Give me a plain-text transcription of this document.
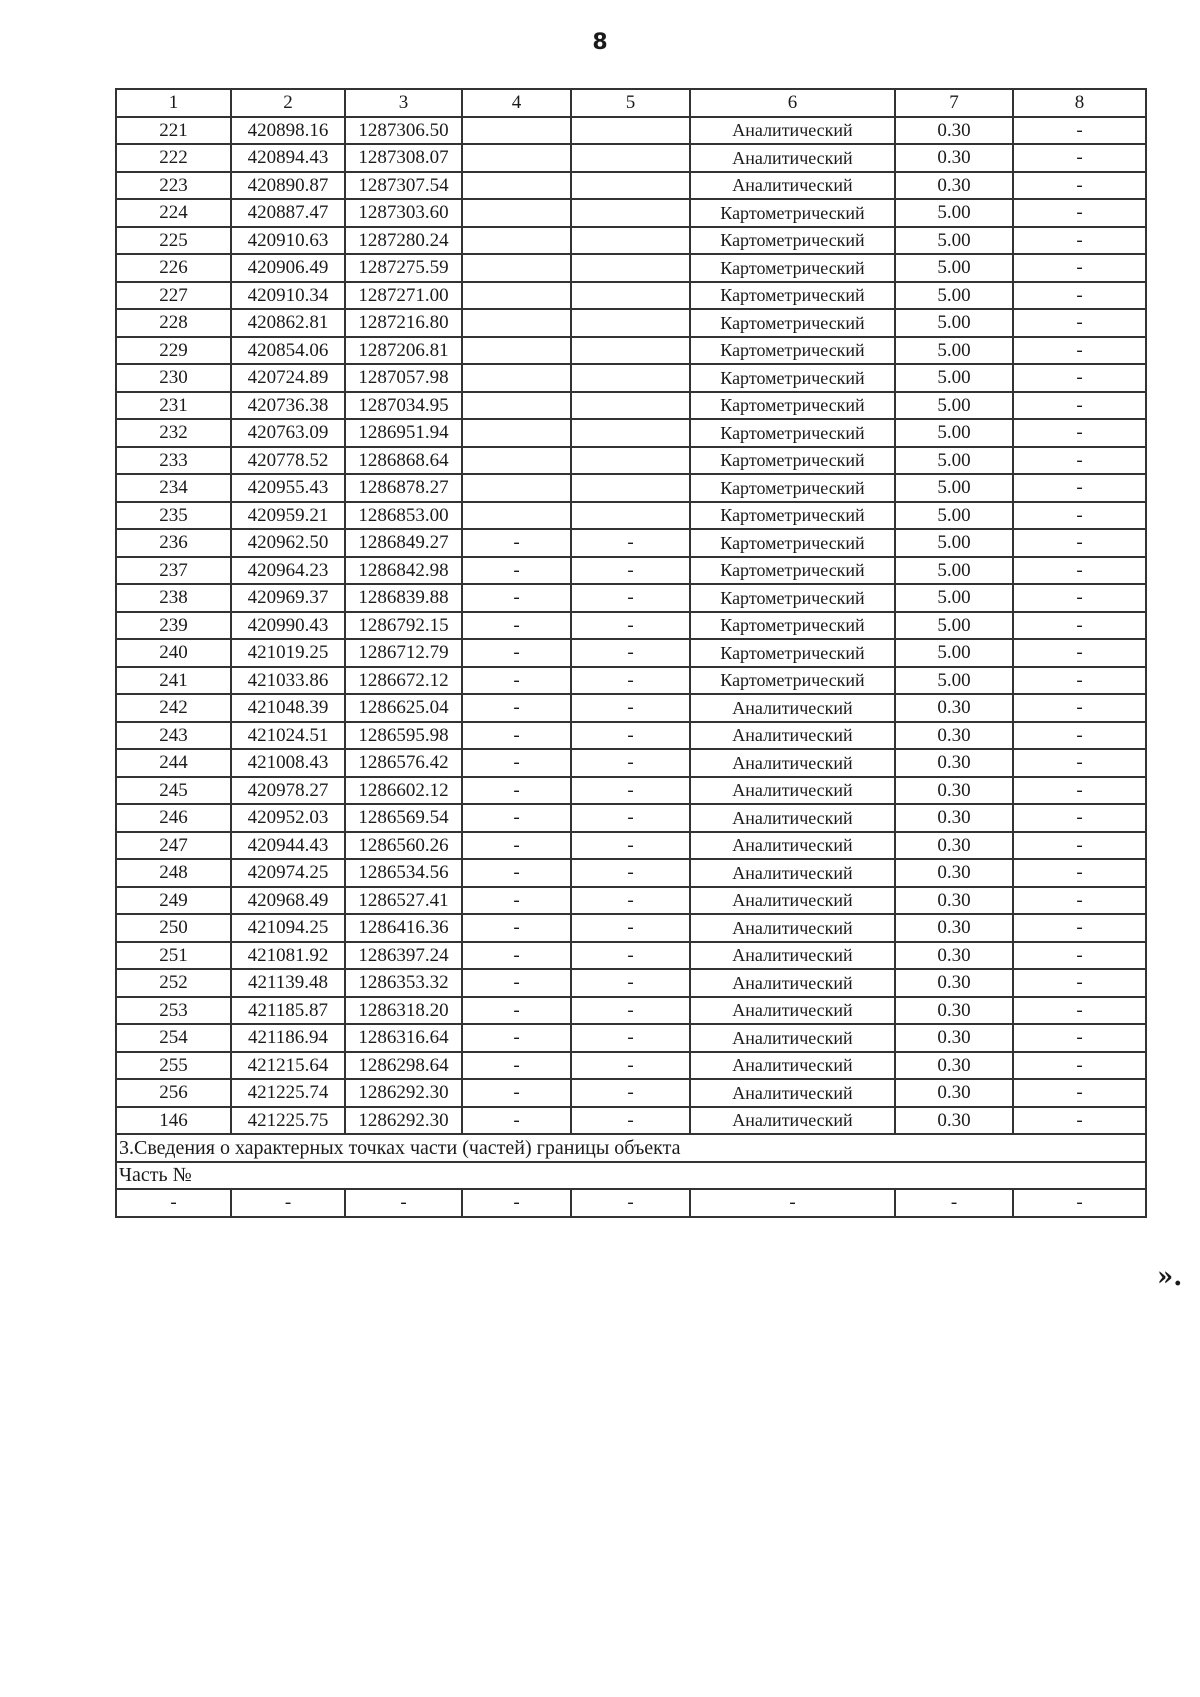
8
1	2	3	4	5	6	7	8
221	420898.16	1287306.50			Аналитический	0.30	-
222	420894.43	1287308.07			Аналитический	0.30	-
223	420890.87	1287307.54			Аналитический	0.30	-
224	420887.47	1287303.60			Картометрический	5.00	-
225	420910.63	1287280.24			Картометрический	5.00	-
226	420906.49	1287275.59			Картометрический	5.00	-
227	420910.34	1287271.00			Картометрический	5.00	-
228	420862.81	1287216.80			Картометрический	5.00	-
229	420854.06	1287206.81			Картометрический	5.00	-
230	420724.89	1287057.98			Картометрический	5.00	-
231	420736.38	1287034.95			Картометрический	5.00	-
232	420763.09	1286951.94			Картометрический	5.00	-
233	420778.52	1286868.64			Картометрический	5.00	-
234	420955.43	1286878.27			Картометрический	5.00	-
235	420959.21	1286853.00			Картометрический	5.00	-
236	420962.50	1286849.27	-	-	Картометрический	5.00	-
237	420964.23	1286842.98	-	-	Картометрический	5.00	-
238	420969.37	1286839.88	-	-	Картометрический	5.00	-
239	420990.43	1286792.15	-	-	Картометрический	5.00	-
240	421019.25	1286712.79	-	-	Картометрический	5.00	-
241	421033.86	1286672.12	-	-	Картометрический	5.00	-
242	421048.39	1286625.04	-	-	Аналитический	0.30	-
243	421024.51	1286595.98	-	-	Аналитический	0.30	-
244	421008.43	1286576.42	-	-	Аналитический	0.30	-
245	420978.27	1286602.12	-	-	Аналитический	0.30	-
246	420952.03	1286569.54	-	-	Аналитический	0.30	-
247	420944.43	1286560.26	-	-	Аналитический	0.30	-
248	420974.25	1286534.56	-	-	Аналитический	0.30	-
249	420968.49	1286527.41	-	-	Аналитический	0.30	-
250	421094.25	1286416.36	-	-	Аналитический	0.30	-
251	421081.92	1286397.24	-	-	Аналитический	0.30	-
252	421139.48	1286353.32	-	-	Аналитический	0.30	-
253	421185.87	1286318.20	-	-	Аналитический	0.30	-
254	421186.94	1286316.64	-	-	Аналитический	0.30	-
255	421215.64	1286298.64	-	-	Аналитический	0.30	-
256	421225.74	1286292.30	-	-	Аналитический	0.30	-
146	421225.75	1286292.30	-	-	Аналитический	0.30	-
3.Сведения о характерных точках части (частей) границы объекта							
Часть №							
-	-	-	-	-	-	-	-
».
